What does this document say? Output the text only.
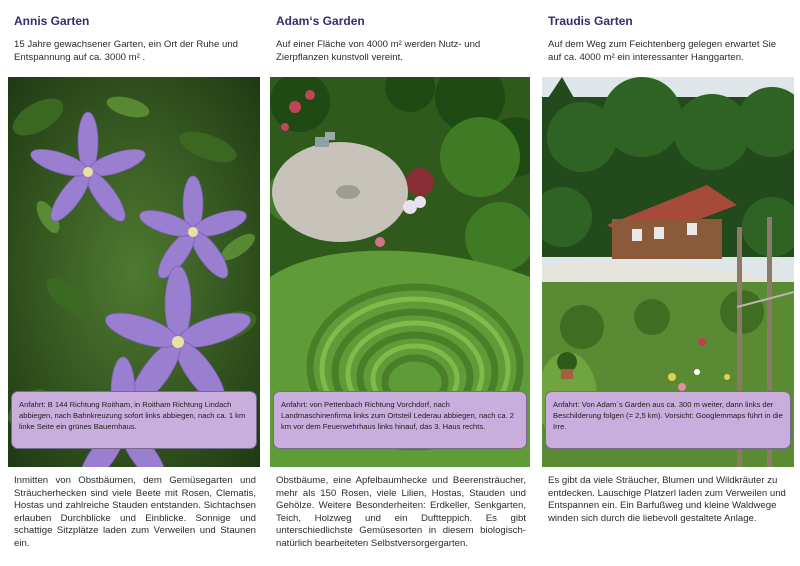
Annis Garten

15 Jahre gewachsener Garten, ein Ort der Ruhe und Entspannung auf ca. 3000 m² .

Anfahrt: B 144 Richtung Roitham, in Roitham Richtung Lindach abbiegen, nach Bahnkreuzung sofort links abbiegen, nach ca. 1 km linke Seite ein grünes Bauernhaus.

Inmitten von Obstbäumen, dem Gemüsegarten und Sträucherhecken sind viele Beete mit Rosen, Clematis, Hostas und zahlreiche Stauden entstanden. Sichtachsen erlauben Durchblicke und Einblicke. Sonnige und schattige Sitzplätze laden zum Verweilen und Staunen ein.

Adam‘s Garden

Auf einer Fläche von 4000 m² werden Nutz- und Zierpflanzen kunstvoll vereint.

Anfahrt: von Pettenbach Richtung Vorchdorf, nach Landmaschinenfirma links zum Ortsteil Lederau abbiegen, nach ca. 2 km vor dem Feuerwehrhaus links hinauf, das 3. Haus rechts.

Obstbäume, eine Apfelbaumhecke und Beerensträucher, mehr als 150 Rosen, viele Lilien, Hostas, Stauden und Gehölze. Weitere Besonderheiten: Erdkeller, Senkgarten, Teich, Holzweg und ein Duftteppich. Es gibt unterschiedlichste Gemüsesorten in diesem biologisch-natürlich bearbeiteten Selbstversorgergarten.

Traudis Garten

Auf dem Weg zum Feichtenberg gelegen erwartet Sie auf ca. 4000 m² ein interessanter Hanggarten.

Anfahrt: Von Adam´s Garden aus ca. 300 m weiter, dann links der Beschilderung folgen (= 2,5 km). Vorsicht: Googlemmaps führt in die Irre.

Es gibt da viele Sträucher, Blumen und Wildkräuter zu entdecken. Lauschige Platzerl laden zum Verweilen und Entspannen ein. Ein Barfußweg und kleine Waldwege winden sich durch die liebevoll gestaltete Anlage.
